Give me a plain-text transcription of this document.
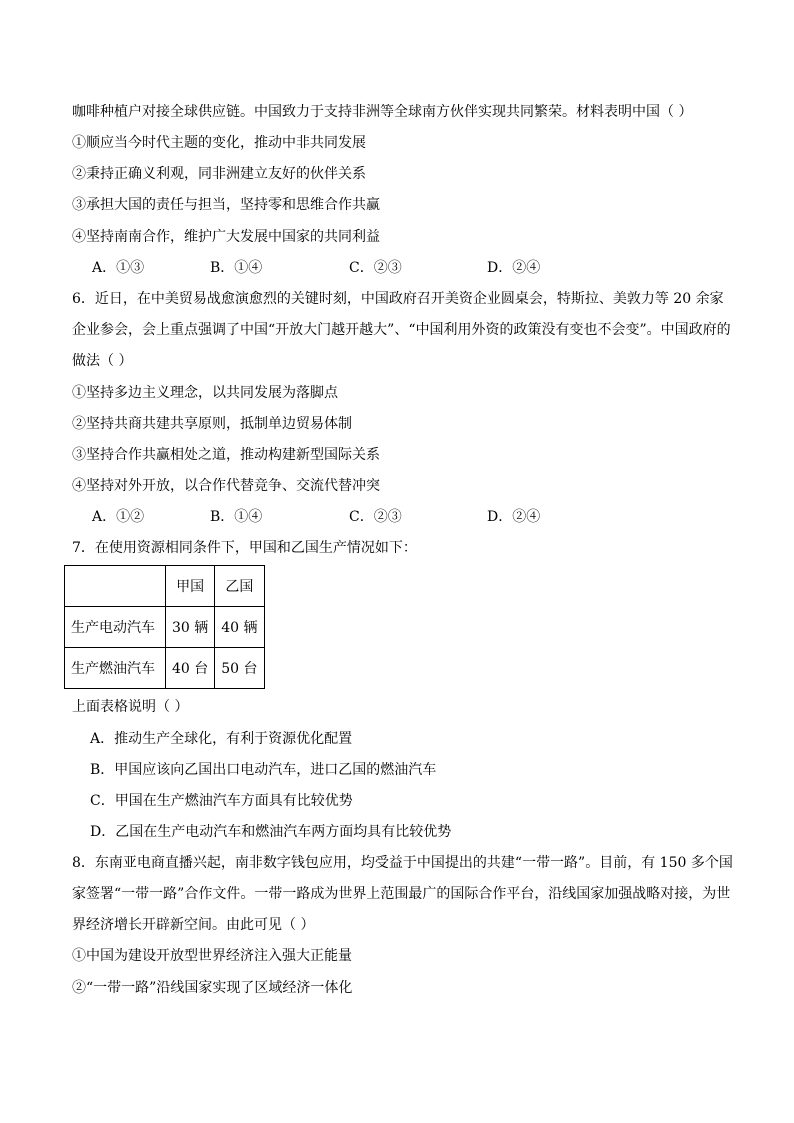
咖啡种植户对接全球供应链。中国致力于支持非洲等全球南方伙伴实现共同繁荣。材料表明中国（ ）
①顺应当今时代主题的变化，推动中非共同发展
②秉持正确义利观，同非洲建立友好的伙伴关系
③承担大国的责任与担当，坚持零和思维合作共赢
④坚持南南合作，维护广大发展中国家的共同利益
A．①③	B．①④	C．②③	D．②④
6．近日，在中美贸易战愈演愈烈的关键时刻，中国政府召开美资企业圆桌会，特斯拉、美敦力等 20 余家
企业参会，会上重点强调了中国“开放大门越开越大”、“中国利用外资的政策没有变也不会变”。中国政府的
做法（ ）
①坚持多边主义理念，以共同发展为落脚点
②坚持共商共建共享原则，抵制单边贸易体制
③坚持合作共赢相处之道，推动构建新型国际关系
④坚持对外开放，以合作代替竞争、交流代替冲突
A．①②	B．①④	C．②③	D．②④
7．在使用资源相同条件下，甲国和乙国生产情况如下：
	甲国	乙国
生产电动汽车	30 辆	40 辆
生产燃油汽车	40 台	50 台
上面表格说明（ ）
A．推动生产全球化，有利于资源优化配置
B．甲国应该向乙国出口电动汽车，进口乙国的燃油汽车
C．甲国在生产燃油汽车方面具有比较优势
D．乙国在生产电动汽车和燃油汽车两方面均具有比较优势
8．东南亚电商直播兴起，南非数字钱包应用，均受益于中国提出的共建“一带一路”。目前，有 150 多个国
家签署“一带一路”合作文件。一带一路成为世界上范围最广的国际合作平台，沿线国家加强战略对接，为世
界经济增长开辟新空间。由此可见（ ）
①中国为建设开放型世界经济注入强大正能量
②“一带一路”沿线国家实现了区域经济一体化
